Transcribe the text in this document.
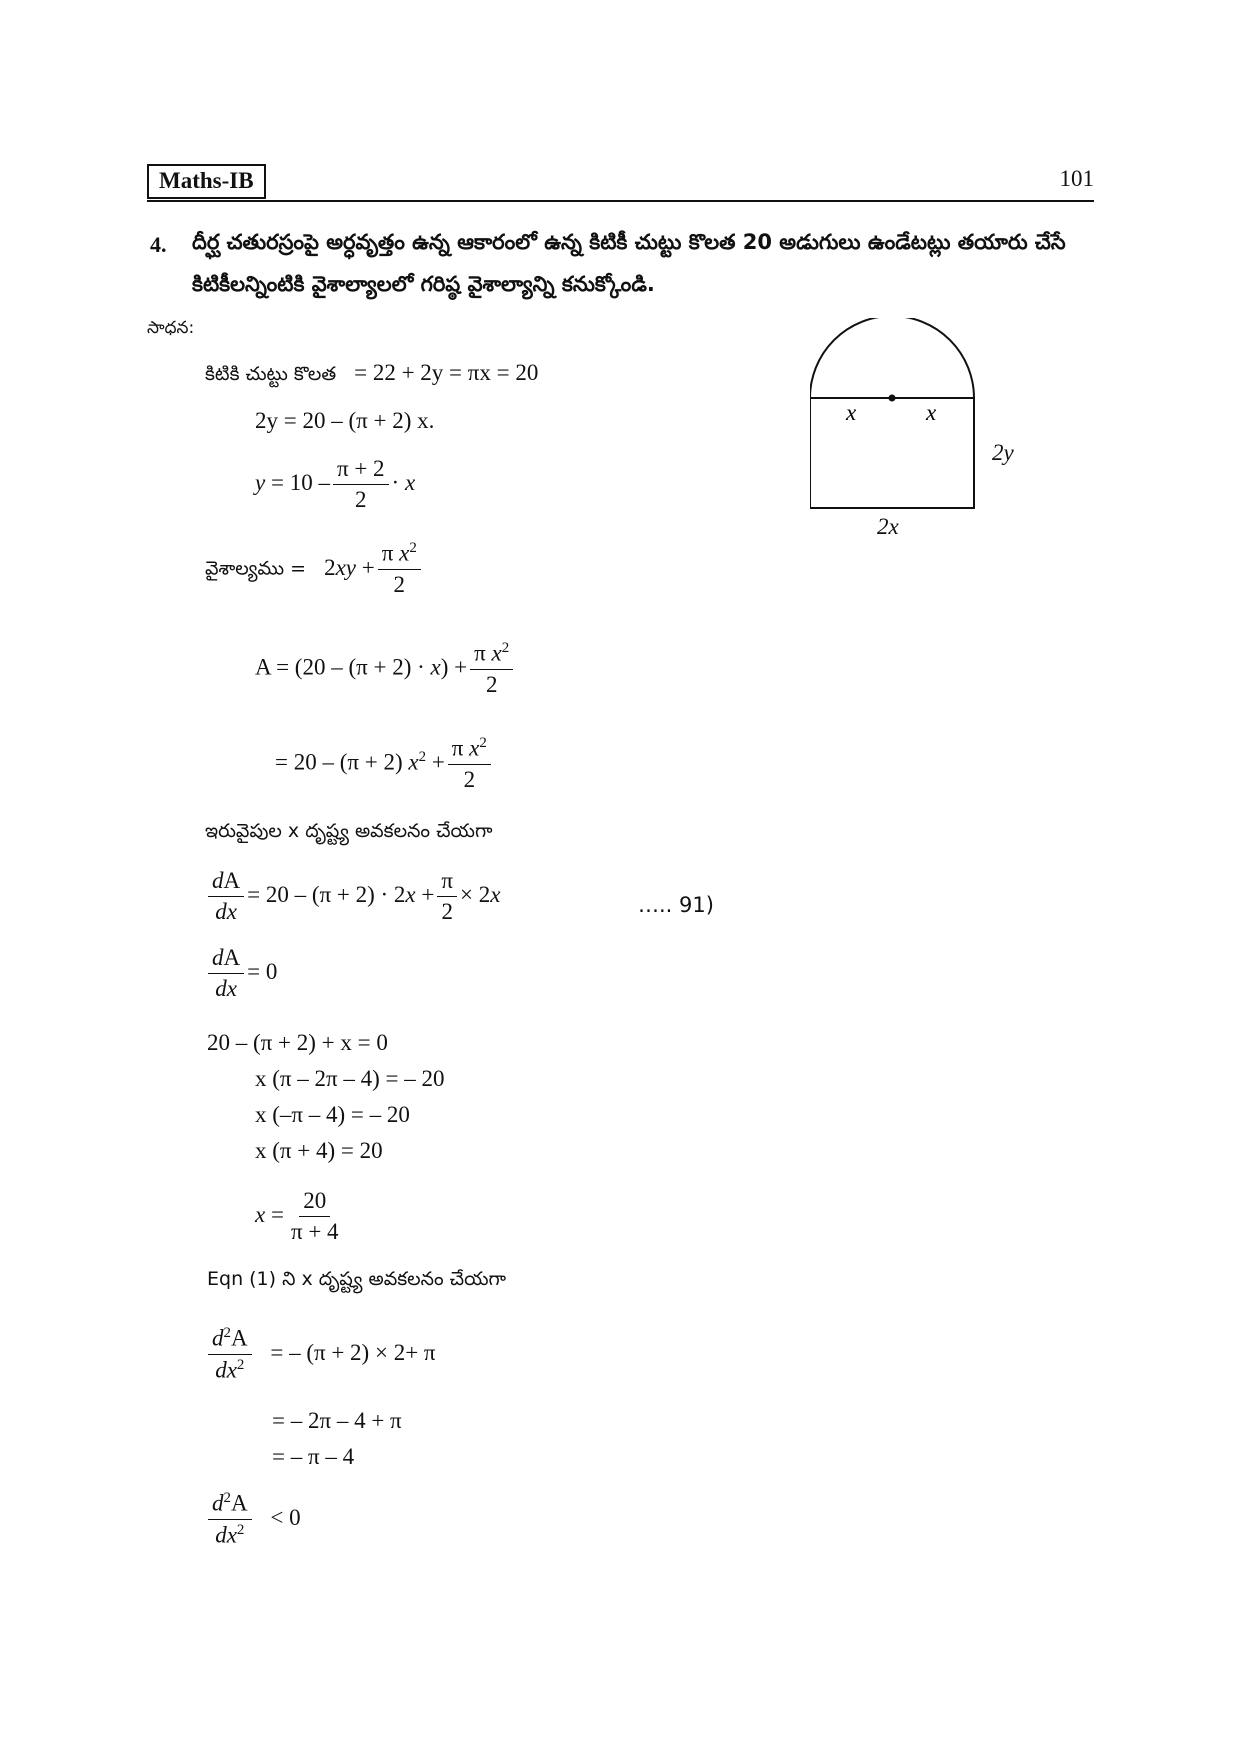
Maths-IB	101
4. దీర్ఘ చతురస్రంపై అర్ధవృత్తం ఉన్న ఆకారంలో ఉన్న కిటికీ చుట్టు కొలత 20 అడుగులు ఉండేటట్లు తయారు చేసే
కిటికీలన్నింటికి వైశాల్యాలలో గరిష్ఠ వైశాల్యాన్ని కనుక్కోండి.
సాధన:
కిటికి చుట్టు కొలత = 22 + 2y = πx = 20
2y = 20 – (π + 2) x.
$y = 10 - \frac{\pi + 2}{2} \cdot x$
వైశాల్యము = $2xy + \frac{\pi x^2}{2}$
$A = (20 - (\pi + 2) \cdot x) + \frac{\pi x^2}{2}$
= 20 – (π + 2) $x^2 + \frac{\pi x^2}{2}$
ఇరువైపుల x దృష్ట్య అవకలనం చేయగా
$\frac{dA}{dx} = 20 - (\pi + 2) \cdot 2x + \frac{\pi}{2} \times 2x$	….. 91)
$\frac{dA}{dx} = 0$
20 – (π + 2) + x = 0
x (π – 2π – 4) = – 20
x (–π – 4) = – 20
x (π + 4) = 20
$x = \frac{20}{\pi + 4}$
Eqn (1) ని x దృష్ట్య అవకలనం చేయగా
$\frac{d^2A}{dx^2}$ = – (π + 2) × 2+ π
= – 2π – 4 + π
= – π – 4
$\frac{d^2A}{dx^2} < 0$
x	x
2y
2x
